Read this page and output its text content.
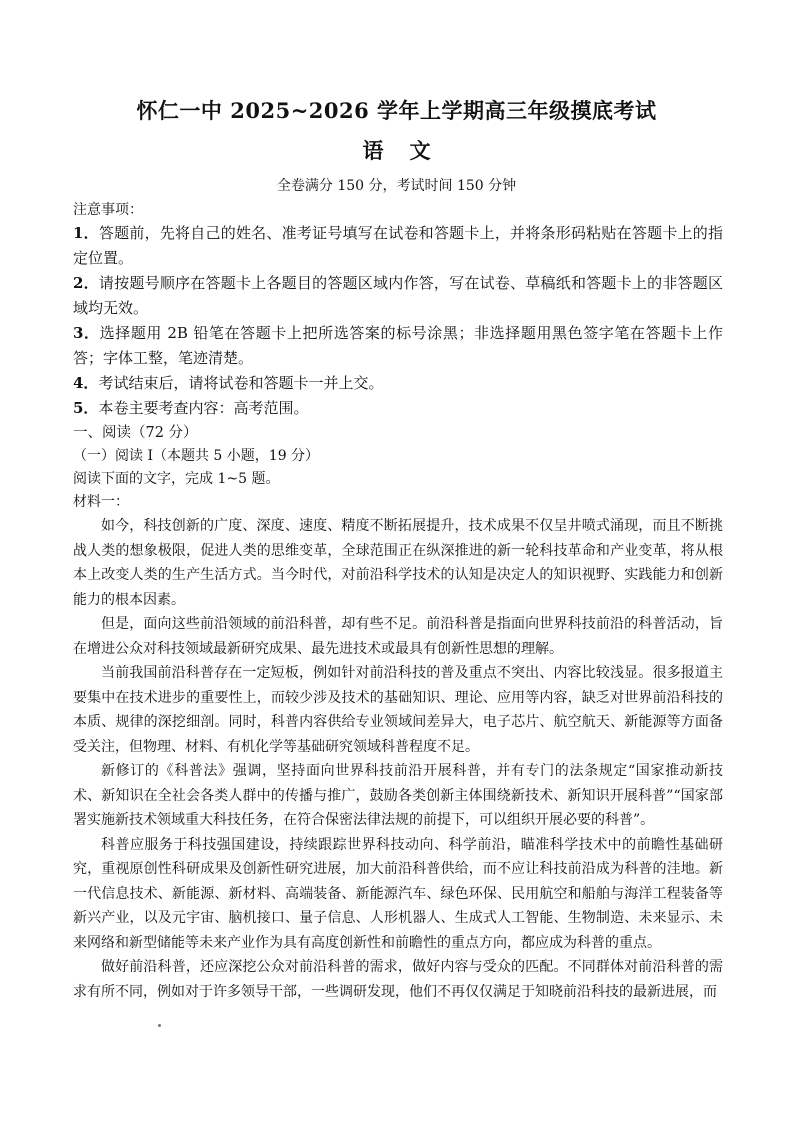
怀仁一中 2025~2026 学年上学期高三年级摸底考试
语文
全卷满分 150 分，考试时间 150 分钟
注意事项：
1．答题前，先将自己的姓名、准考证号填写在试卷和答题卡上，并将条形码粘贴在答题卡上的指定位置。
2．请按题号顺序在答题卡上各题目的答题区域内作答，写在试卷、草稿纸和答题卡上的非答题区域均无效。
3．选择题用 2B 铅笔在答题卡上把所选答案的标号涂黑；非选择题用黑色签字笔在答题卡上作答；字体工整，笔迹清楚。
4．考试结束后，请将试卷和答题卡一并上交。
5．本卷主要考查内容：高考范围。
一、阅读（72 分）
（一）阅读 I（本题共 5 小题，19 分）
阅读下面的文字，完成 1~5 题。
材料一：

如今，科技创新的广度、深度、速度、精度不断拓展提升，技术成果不仅呈井喷式涌现，而且不断挑战人类的想象极限，促进人类的思维变革，全球范围正在纵深推进的新一轮科技革命和产业变革，将从根本上改变人类的生产生活方式。当今时代，对前沿科学技术的认知是决定人的知识视野、实践能力和创新能力的根本因素。

但是，面向这些前沿领域的前沿科普，却有些不足。前沿科普是指面向世界科技前沿的科普活动，旨在增进公众对科技领域最新研究成果、最先进技术或最具有创新性思想的理解。

当前我国前沿科普存在一定短板，例如针对前沿科技的普及重点不突出、内容比较浅显。很多报道主要集中在技术进步的重要性上，而较少涉及技术的基础知识、理论、应用等内容，缺乏对世界前沿科技的本质、规律的深挖细剖。同时，科普内容供给专业领域间差异大，电子芯片、航空航天、新能源等方面备受关注，但物理、材料、有机化学等基础研究领域科普程度不足。

新修订的《科普法》强调，坚持面向世界科技前沿开展科普，并有专门的法条规定“国家推动新技术、新知识在全社会各类人群中的传播与推广，鼓励各类创新主体围绕新技术、新知识开展科普”“国家部署实施新技术领域重大科技任务，在符合保密法律法规的前提下，可以组织开展必要的科普”。

科普应服务于科技强国建设，持续跟踪世界科技动向、科学前沿，瞄准科学技术中的前瞻性基础研究，重视原创性科研成果及创新性研究进展，加大前沿科普供给，而不应让科技前沿成为科普的洼地。新一代信息技术、新能源、新材料、高端装备、新能源汽车、绿色环保、民用航空和船舶与海洋工程装备等新兴产业，以及元宇宙、脑机接口、量子信息、人形机器人、生成式人工智能、生物制造、未来显示、未来网络和新型储能等未来产业作为具有高度创新性和前瞻性的重点方向，都应成为科普的重点。

做好前沿科普，还应深挖公众对前沿科普的需求，做好内容与受众的匹配。不同群体对前沿科普的需求有所不同，例如对于许多领导干部，一些调研发现，他们不再仅仅满足于知晓前沿科技的最新进展，而
